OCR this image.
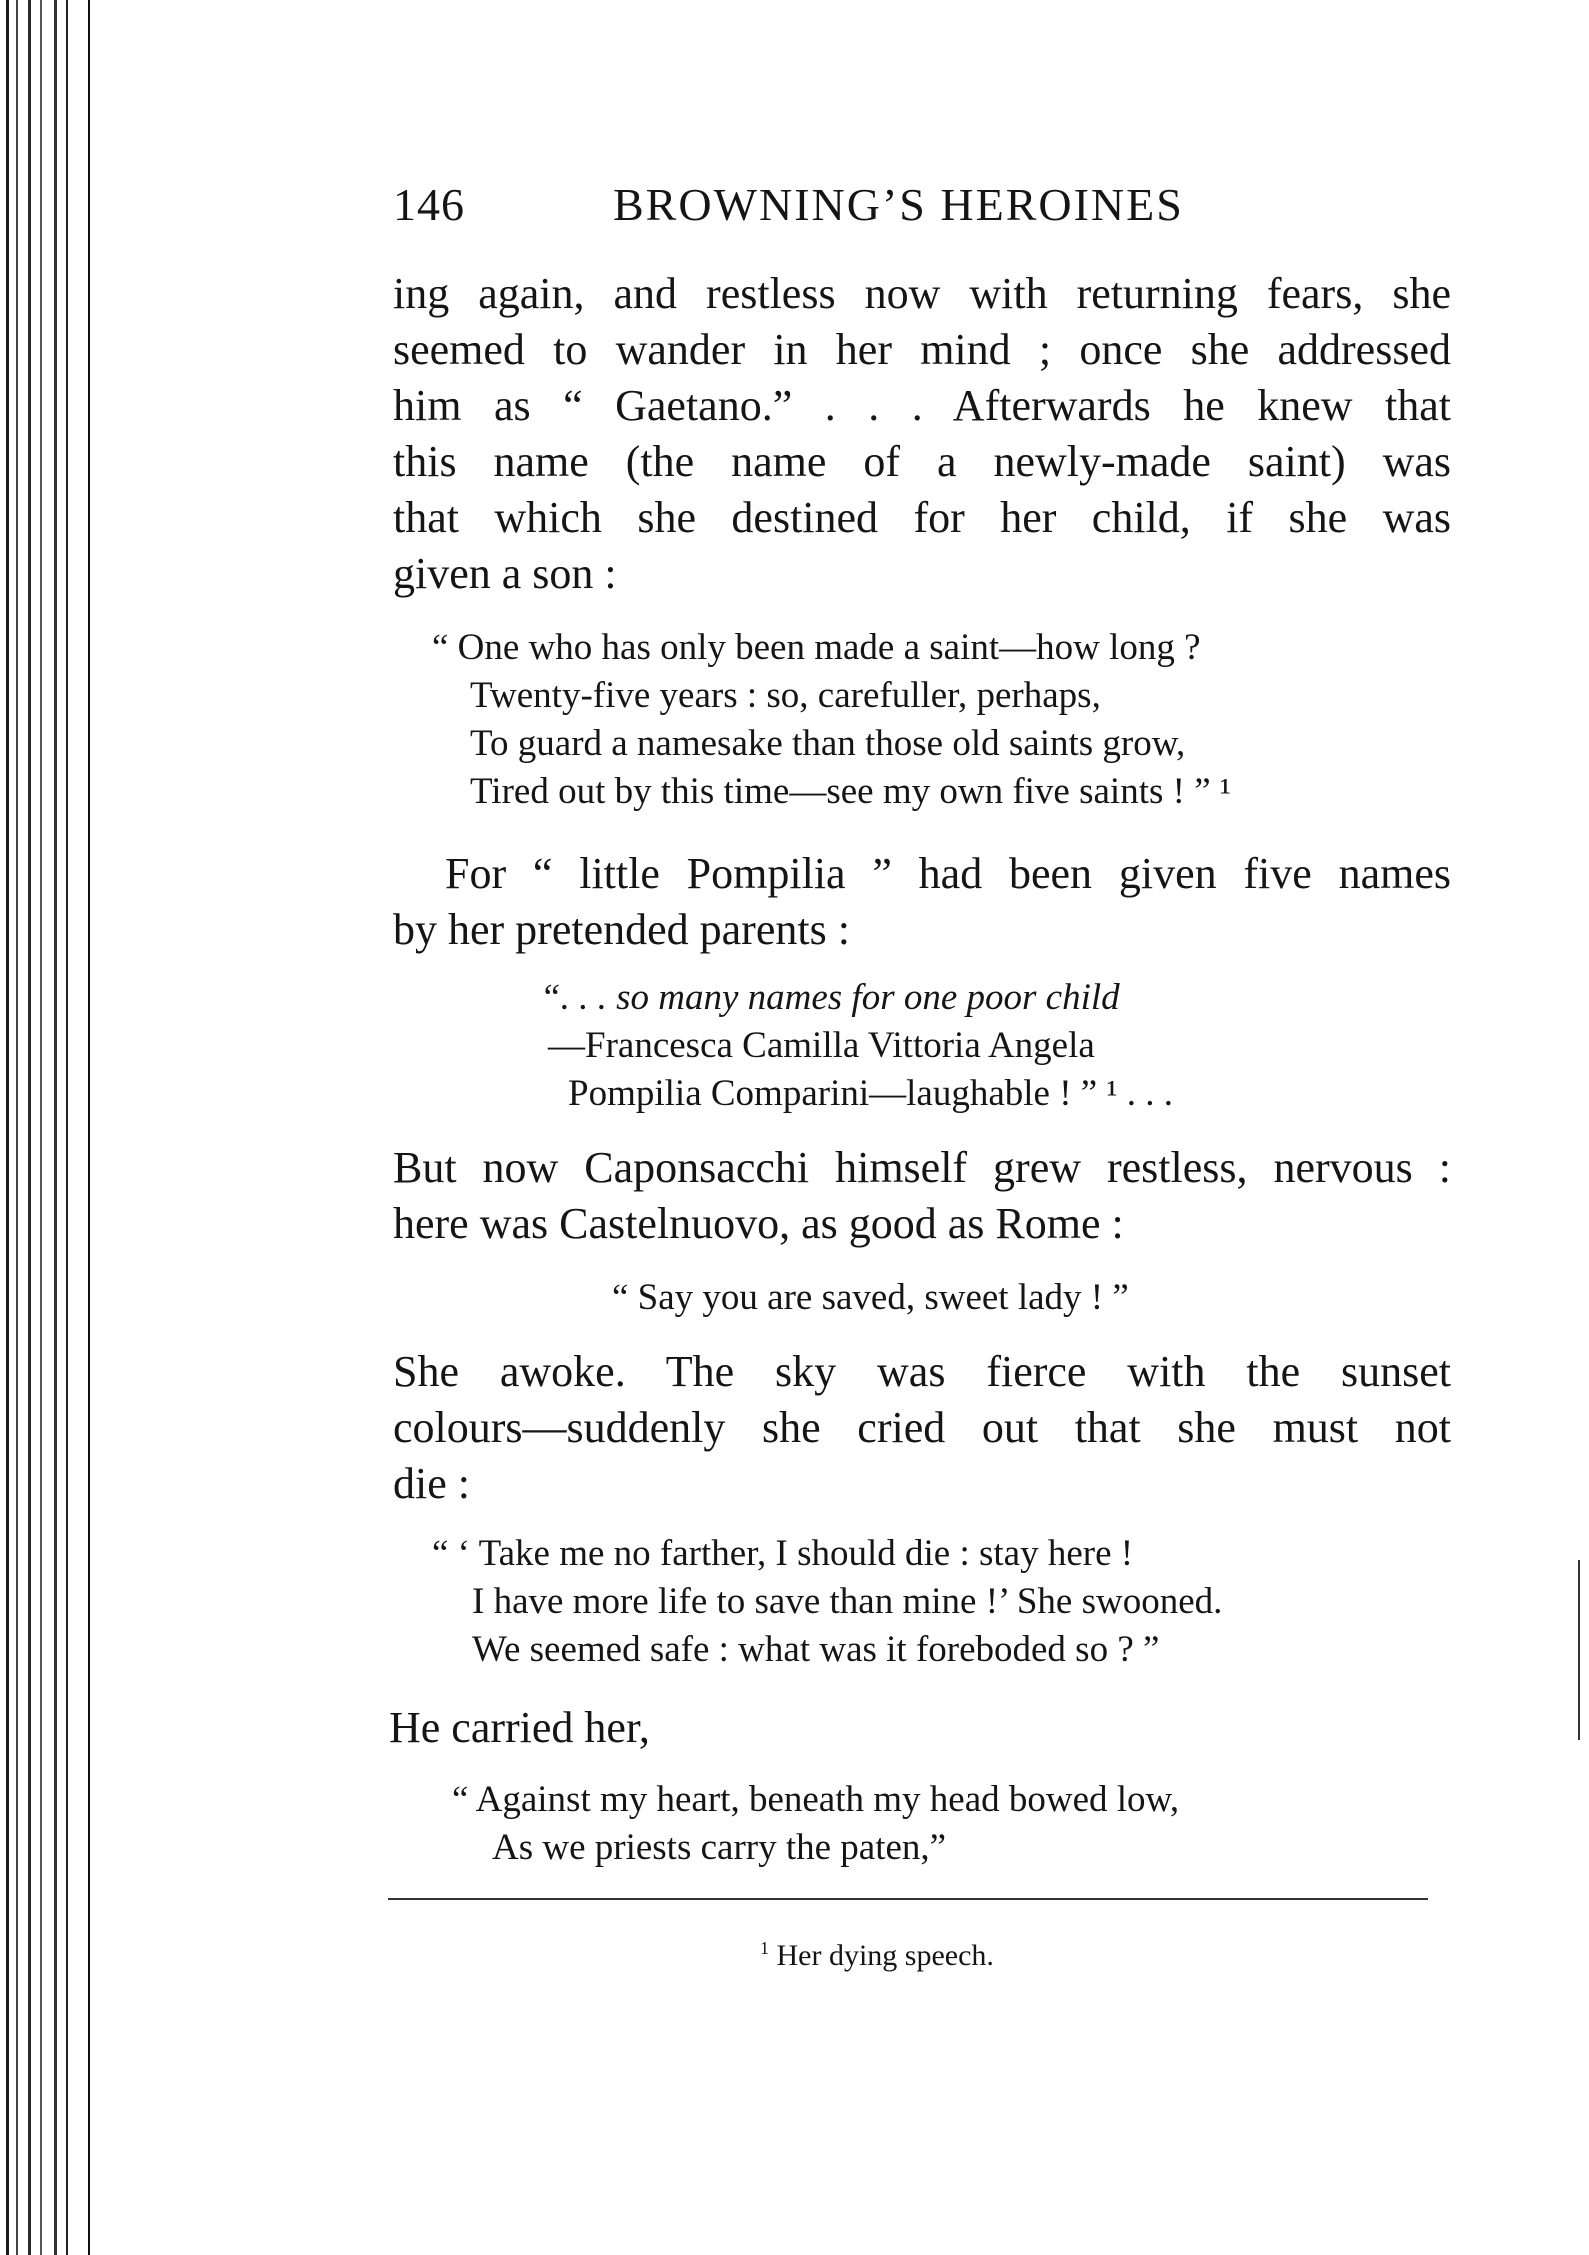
146	BROWNING’S HEROINES
ing again, and restless now with returning fears, she
seemed to wander in her mind ; once she addressed
him as “ Gaetano.” . . . Afterwards he knew that
this name (the name of a newly-made saint) was
that which she destined for her child, if she was
given a son :
“ One who has only been made a saint—how long ?
Twenty-five years : so, carefuller, perhaps,
To guard a namesake than those old saints grow,
Tired out by this time—see my own five saints ! ” ¹
For “ little Pompilia ” had been given five names
by her pretended parents :
“. . . so many names for one poor child
—Francesca Camilla Vittoria Angela
Pompilia Comparini—laughable ! ” ¹ . . .
But now Caponsacchi himself grew restless, nervous :
here was Castelnuovo, as good as Rome :
“ Say you are saved, sweet lady ! ”
She awoke. The sky was fierce with the sunset
colours—suddenly she cried out that she must not
die :
“ ‘ Take me no farther, I should die : stay here !
I have more life to save than mine !’ She swooned.
We seemed safe : what was it foreboded so ? ”
He carried her,
“ Against my heart, beneath my head bowed low,
As we priests carry the paten,”
$^1$ Her dying speech.
